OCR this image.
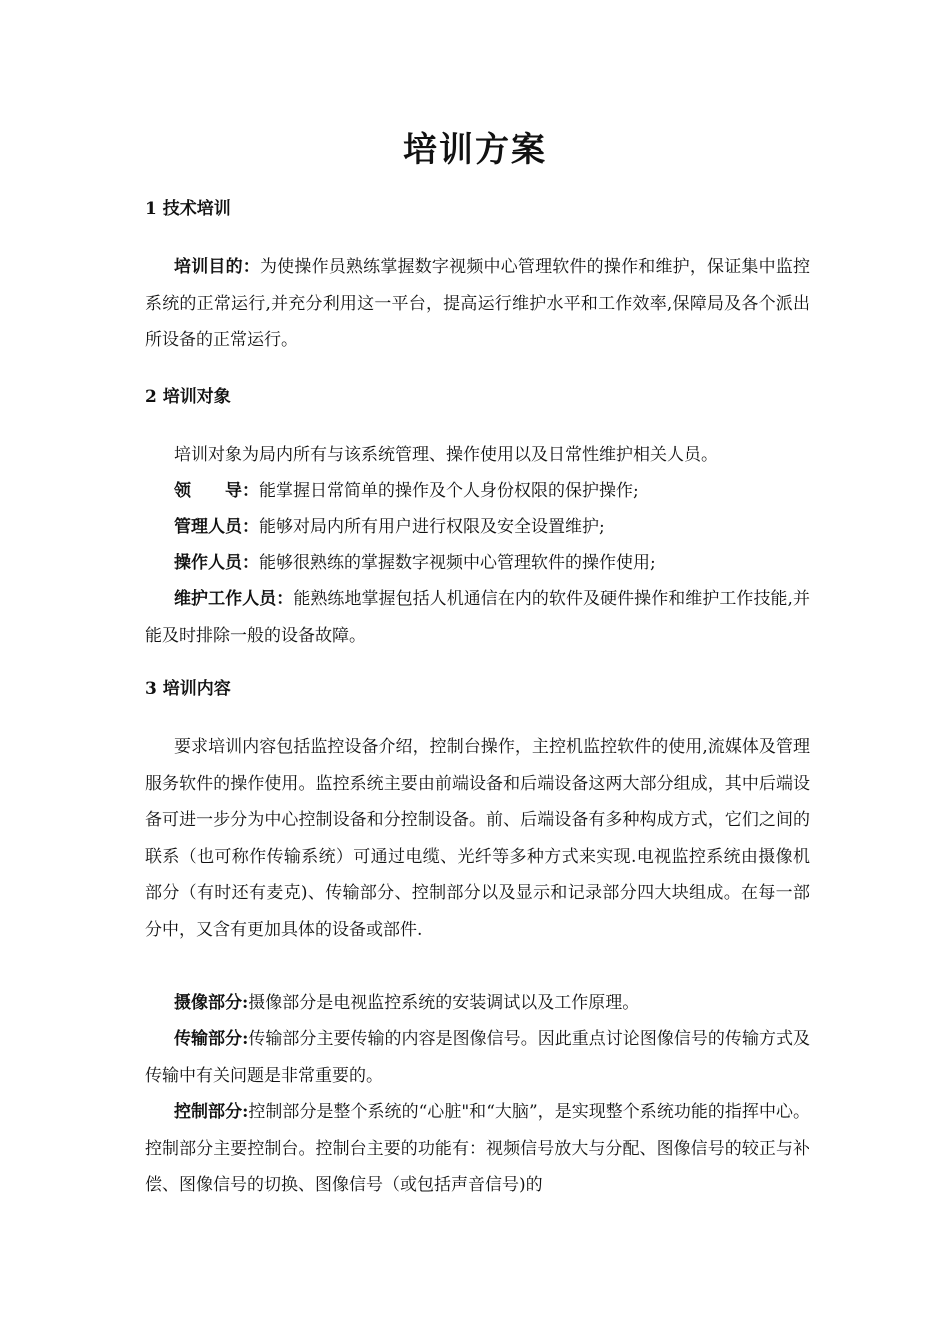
培训方案
1 技术培训
培训目的：为使操作员熟练掌握数字视频中心管理软件的操作和维护，保证集中监控系统的正常运行,并充分利用这一平台，提高运行维护水平和工作效率,保障局及各个派出所设备的正常运行。
2 培训对象
培训对象为局内所有与该系统管理、操作使用以及日常性维护相关人员。
领　　导：能掌握日常简单的操作及个人身份权限的保护操作;
管理人员：能够对局内所有用户进行权限及安全设置维护;
操作人员：能够很熟练的掌握数字视频中心管理软件的操作使用;
维护工作人员：能熟练地掌握包括人机通信在内的软件及硬件操作和维护工作技能,并能及时排除一般的设备故障。
3 培训内容
要求培训内容包括监控设备介绍，控制台操作，主控机监控软件的使用,流媒体及管理服务软件的操作使用。监控系统主要由前端设备和后端设备这两大部分组成，其中后端设备可进一步分为中心控制设备和分控制设备。前、后端设备有多种构成方式，它们之间的联系（也可称作传输系统）可通过电缆、光纤等多种方式来实现.电视监控系统由摄像机部分（有时还有麦克)、传输部分、控制部分以及显示和记录部分四大块组成。在每一部分中，又含有更加具体的设备或部件.
摄像部分:摄像部分是电视监控系统的安装调试以及工作原理。
传输部分:传输部分主要传输的内容是图像信号。因此重点讨论图像信号的传输方式及传输中有关问题是非常重要的。
控制部分:控制部分是整个系统的“心脏"和“大脑”，是实现整个系统功能的指挥中心。控制部分主要控制台。控制台主要的功能有：视频信号放大与分配、图像信号的较正与补偿、图像信号的切换、图像信号（或包括声音信号)的
